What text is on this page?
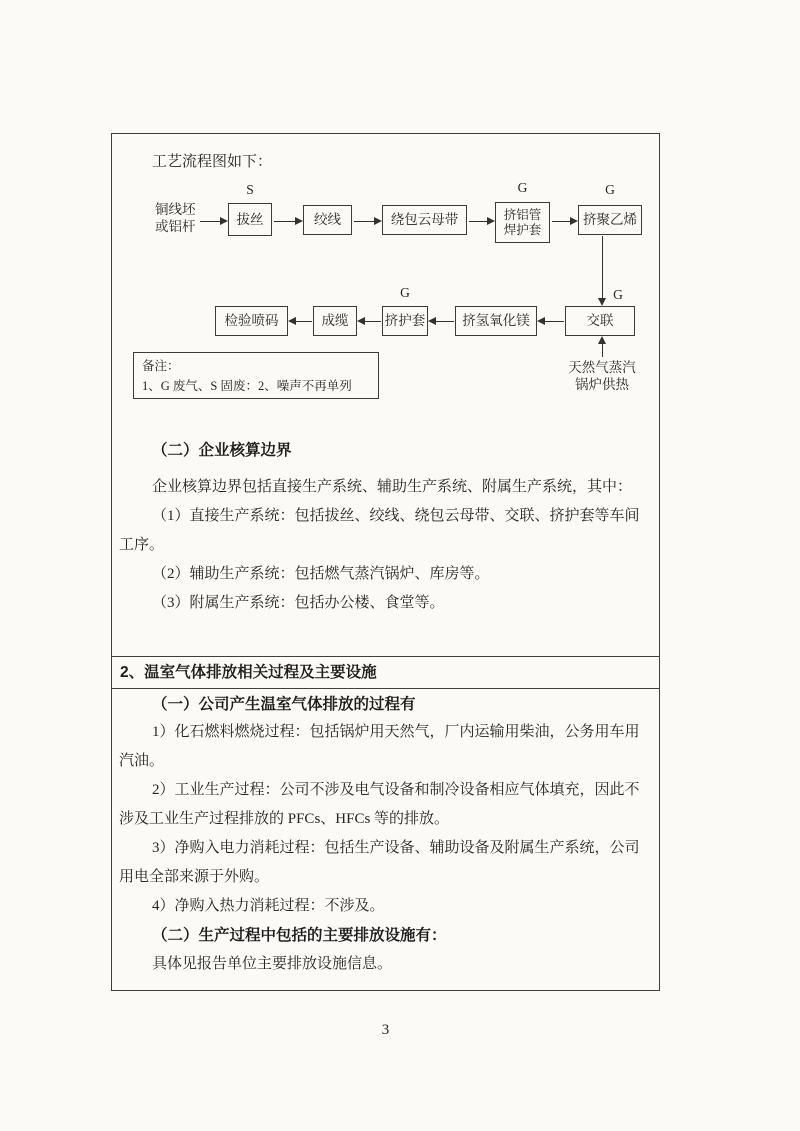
工艺流程图如下：

铜线坯
或铝杆
S	G	G
拔丝	绞线	绕包云母带	挤铝管
焊护套
挤聚乙烯
G
G
检验喷码	成缆	挤护套	挤氢氧化镁	交联
天然气蒸汽
锅炉供热
备注：
1、G 废气、S 固废：2、噪声不再单列

（二）企业核算边界

企业核算边界包括直接生产系统、辅助生产系统、附属生产系统，其中：

（1）直接生产系统：包括拔丝、绞线、绕包云母带、交联、挤护套等车间工序。

（2）辅助生产系统：包括燃气蒸汽锅炉、库房等。

（3）附属生产系统：包括办公楼、食堂等。

2、温室气体排放相关过程及主要设施

（一）公司产生温室气体排放的过程有

1）化石燃料燃烧过程：包括锅炉用天然气，厂内运输用柴油，公务用车用汽油。

2）工业生产过程：公司不涉及电气设备和制冷设备相应气体填充，因此不涉及工业生产过程排放的 PFCs、HFCs 等的排放。

3）净购入电力消耗过程：包括生产设备、辅助设备及附属生产系统，公司用电全部来源于外购。

4）净购入热力消耗过程：不涉及。

（二）生产过程中包括的主要排放设施有：

具体见报告单位主要排放设施信息。

3
